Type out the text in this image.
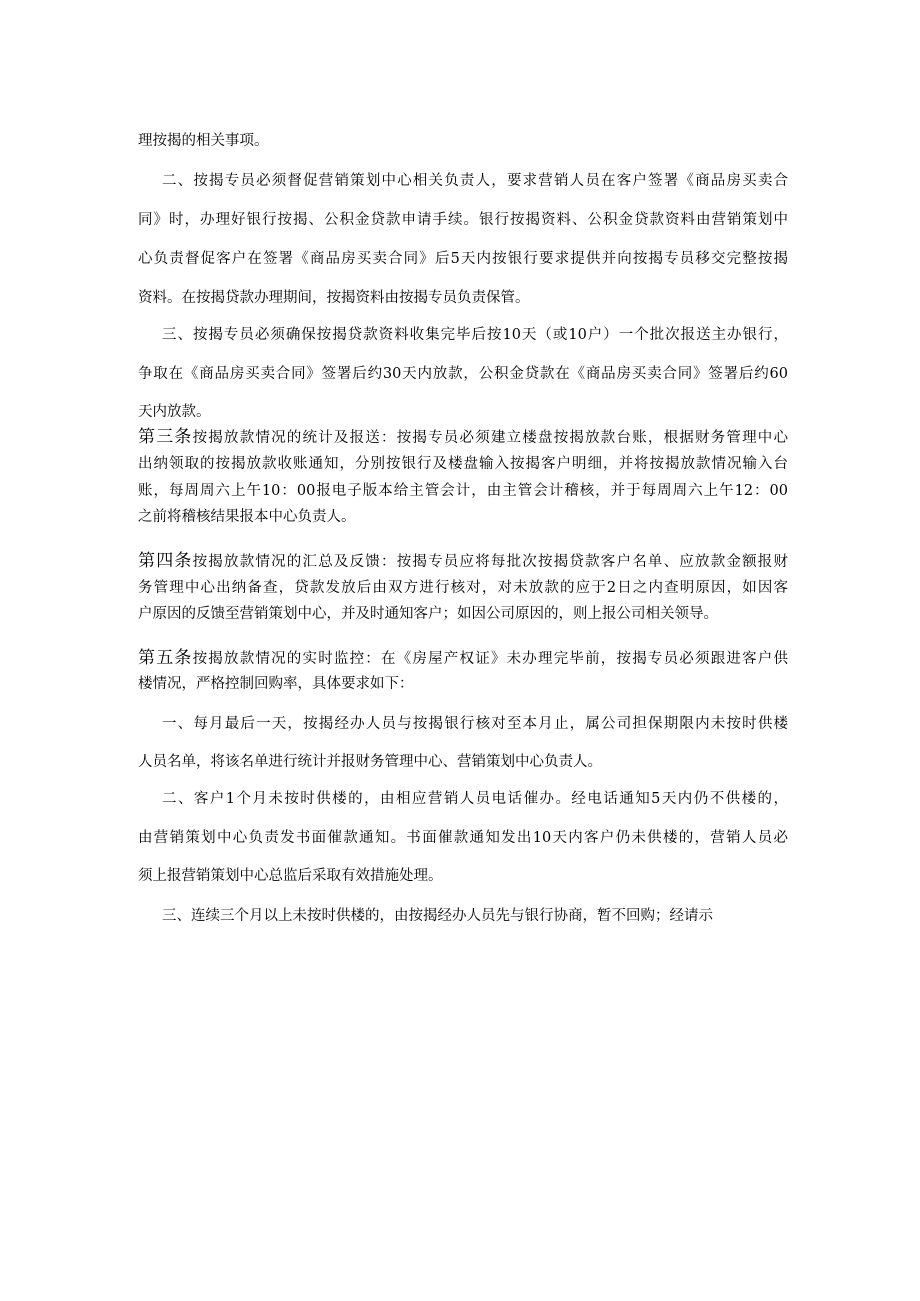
理按揭的相关事项。
二、按揭专员必须督促营销策划中心相关负责人，要求营销人员在客户签署《商品房买卖合
同》时，办理好银行按揭、公积金贷款申请手续。银行按揭资料、公积金贷款资料由营销策划中
心负责督促客户在签署《商品房买卖合同》后5天内按银行要求提供并向按揭专员移交完整按揭
资料。在按揭贷款办理期间，按揭资料由按揭专员负责保管。
三、按揭专员必须确保按揭贷款资料收集完毕后按10天（或10户）一个批次报送主办银行，
争取在《商品房买卖合同》签署后约30天内放款，公积金贷款在《商品房买卖合同》签署后约60
天内放款。
第三条按揭放款情况的统计及报送：按揭专员必须建立楼盘按揭放款台账，根据财务管理中心
出纳领取的按揭放款收账通知，分别按银行及楼盘输入按揭客户明细，并将按揭放款情况输入台
账，每周周六上午10：00报电子版本给主管会计，由主管会计稽核，并于每周周六上午12：00
之前将稽核结果报本中心负责人。
第四条按揭放款情况的汇总及反馈：按揭专员应将每批次按揭贷款客户名单、应放款金额报财
务管理中心出纳备查，贷款发放后由双方进行核对，对未放款的应于2日之内查明原因，如因客
户原因的反馈至营销策划中心，并及时通知客户；如因公司原因的，则上报公司相关领导。
第五条按揭放款情况的实时监控：在《房屋产权证》未办理完毕前，按揭专员必须跟进客户供
楼情况，严格控制回购率，具体要求如下：
一、每月最后一天，按揭经办人员与按揭银行核对至本月止，属公司担保期限内未按时供楼
人员名单，将该名单进行统计并报财务管理中心、营销策划中心负责人。
二、客户1个月未按时供楼的，由相应营销人员电话催办。经电话通知5天内仍不供楼的，
由营销策划中心负责发书面催款通知。书面催款通知发出10天内客户仍未供楼的，营销人员必
须上报营销策划中心总监后采取有效措施处理。
三、连续三个月以上未按时供楼的，由按揭经办人员先与银行协商，暂不回购；经请示
